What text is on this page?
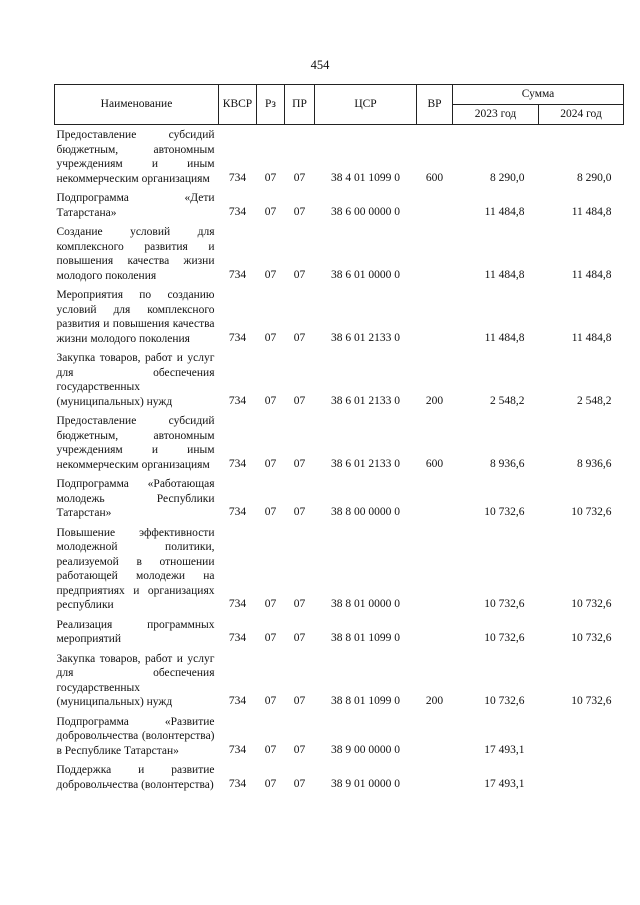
454
Наименование	КВСР	Рз	ПР	ЦСР	ВР	Сумма	
						2023 год	2024 год
Предоставление субсидий бюджетным, автономным учреждениям и иным некоммерческим организациям	734	07	07	38 4 01 1099 0	600	8 290,0	8 290,0
Подпрограмма «Дети Татарстана»	734	07	07	38 6 00 0000 0		11 484,8	11 484,8
Создание условий для комплексного развития и повышения качества жизни молодого поколения	734	07	07	38 6 01 0000 0		11 484,8	11 484,8
Мероприятия по созданию условий для комплексного развития и повышения качества жизни молодого поколения	734	07	07	38 6 01 2133 0		11 484,8	11 484,8
Закупка товаров, работ и услуг для обеспечения государственных (муниципальных) нужд	734	07	07	38 6 01 2133 0	200	2 548,2	2 548,2
Предоставление субсидий бюджетным, автономным учреждениям и иным некоммерческим организациям	734	07	07	38 6 01 2133 0	600	8 936,6	8 936,6
Подпрограмма «Работающая молодежь Республики Татарстан»	734	07	07	38 8 00 0000 0		10 732,6	10 732,6
Повышение эффективности молодежной политики, реализуемой в отношении работающей молодежи на предприятиях и организациях республики	734	07	07	38 8 01 0000 0		10 732,6	10 732,6
Реализация программных мероприятий	734	07	07	38 8 01 1099 0		10 732,6	10 732,6
Закупка товаров, работ и услуг для обеспечения государственных (муниципальных) нужд	734	07	07	38 8 01 1099 0	200	10 732,6	10 732,6
Подпрограмма «Развитие добровольчества (волонтерства) в Республике Татарстан»	734	07	07	38 9 00 0000 0		17 493,1	
Поддержка и развитие добровольчества (волонтерства)	734	07	07	38 9 01 0000 0		17 493,1	
